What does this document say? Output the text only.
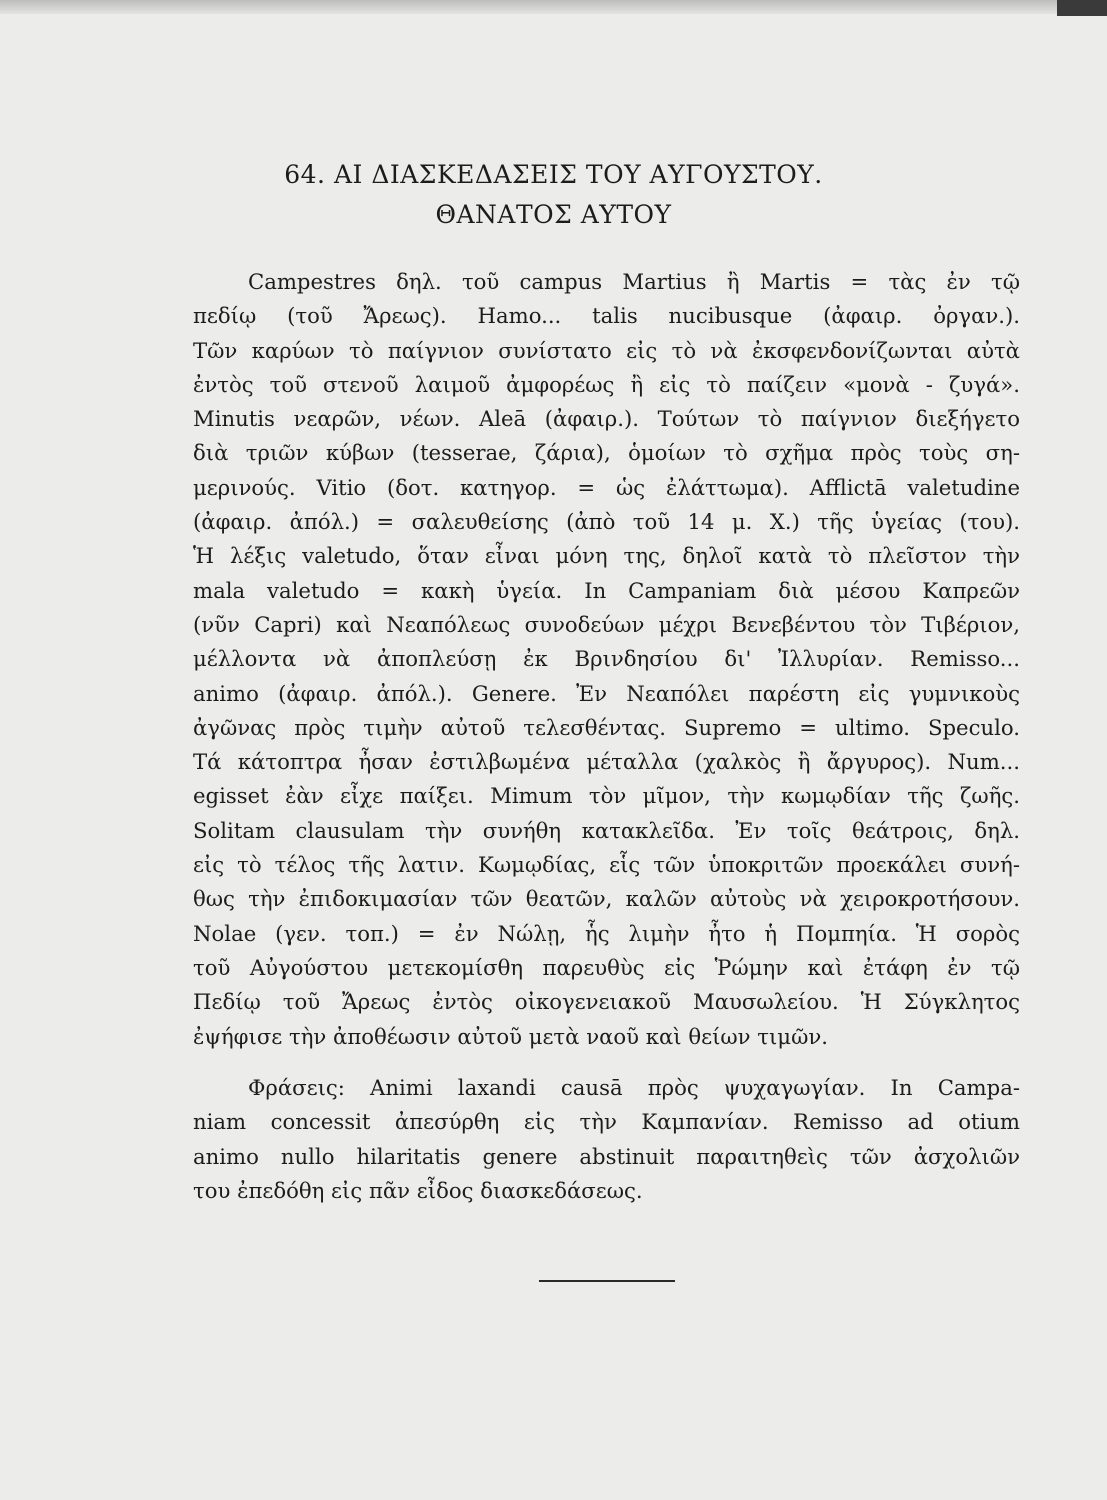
64. ΑΙ ΔΙΑΣΚΕΔΑΣΕΙΣ ΤΟΥ ΑΥΓΟΥΣΤΟΥ.
ΘΑΝΑΤΟΣ ΑΥΤΟΥ
Campestres δηλ. τοῦ campus Martius ἢ Martis = τὰς ἐν τῷ
πεδίῳ (τοῦ Ἄρεως). Hamo... talis nucibusque (ἀφαιρ. ὀργαν.).
Τῶν καρύων τὸ παίγνιον συνίστατο εἰς τὸ νὰ ἐκσφενδονίζωνται αὐτὰ
ἐντὸς τοῦ στενοῦ λαιμοῦ ἀμφορέως ἢ εἰς τὸ παίζειν «μονὰ - ζυγά».
Minutis νεαρῶν, νέων. Aleā (ἀφαιρ.). Τούτων τὸ παίγνιον διεξήγετο
διὰ τριῶν κύβων (tesserae, ζάρια), ὁμοίων τὸ σχῆμα πρὸς τοὺς ση-
μερινούς. Vitio (δοτ. κατηγορ. = ὡς ἐλάττωμα). Afflictā valetudine
(ἀφαιρ. ἀπόλ.) = σαλευθείσης (ἀπὸ τοῦ 14 μ. Χ.) τῆς ὑγείας (του).
Ἡ λέξις valetudo, ὅταν εἶναι μόνη της, δηλοῖ κατὰ τὸ πλεῖστον τὴν
mala valetudo = κακὴ ὑγεία. In Campaniam διὰ μέσου Καπρεῶν
(νῦν Capri) καὶ Νεαπόλεως συνοδεύων μέχρι Βενεβέντου τὸν Τιβέριον,
μέλλοντα νὰ ἀποπλεύσῃ ἐκ Βρινδησίου δι' Ἰλλυρίαν. Remisso...
animo (ἀφαιρ. ἀπόλ.). Genere. Ἐν Νεαπόλει παρέστη εἰς γυμνικοὺς
ἀγῶνας πρὸς τιμὴν αὐτοῦ τελεσθέντας. Supremo = ultimo. Speculo.
Τά κάτοπτρα ἦσαν ἐστιλβωμένα μέταλλα (χαλκὸς ἢ ἄργυρος). Num...
egisset ἐὰν εἶχε παίξει. Mimum τὸν μῖμον, τὴν κωμῳδίαν τῆς ζωῆς.
Solitam clausulam τὴν συνήθη κατακλεῖδα. Ἐν τοῖς θεάτροις, δηλ.
εἰς τὸ τέλος τῆς λατιν. Κωμῳδίας, εἷς τῶν ὑποκριτῶν προεκάλει συνή-
θως τὴν ἐπιδοκιμασίαν τῶν θεατῶν, καλῶν αὐτοὺς νὰ χειροκροτήσουν.
Nolae (γεν. τοπ.) = ἐν Νώλῃ, ἧς λιμὴν ἦτο ἡ Πομπηία. Ἡ σορὸς
τοῦ Αὐγούστου μετεκομίσθη παρευθὺς εἰς Ῥώμην καὶ ἐτάφη ἐν τῷ
Πεδίῳ τοῦ Ἄρεως ἐντὸς οἰκογενειακοῦ Μαυσωλείου. Ἡ Σύγκλητος
ἐψήφισε τὴν ἀποθέωσιν αὐτοῦ μετὰ ναοῦ καὶ θείων τιμῶν.
Φράσεις: Animi laxandi causā πρὸς ψυχαγωγίαν. In Campa-
niam concessit ἀπεσύρθη εἰς τὴν Καμπανίαν. Remisso ad otium
animo nullo hilaritatis genere abstinuit παραιτηθεὶς τῶν ἀσχολιῶν
του ἐπεδόθη εἰς πᾶν εἶδος διασκεδάσεως.
